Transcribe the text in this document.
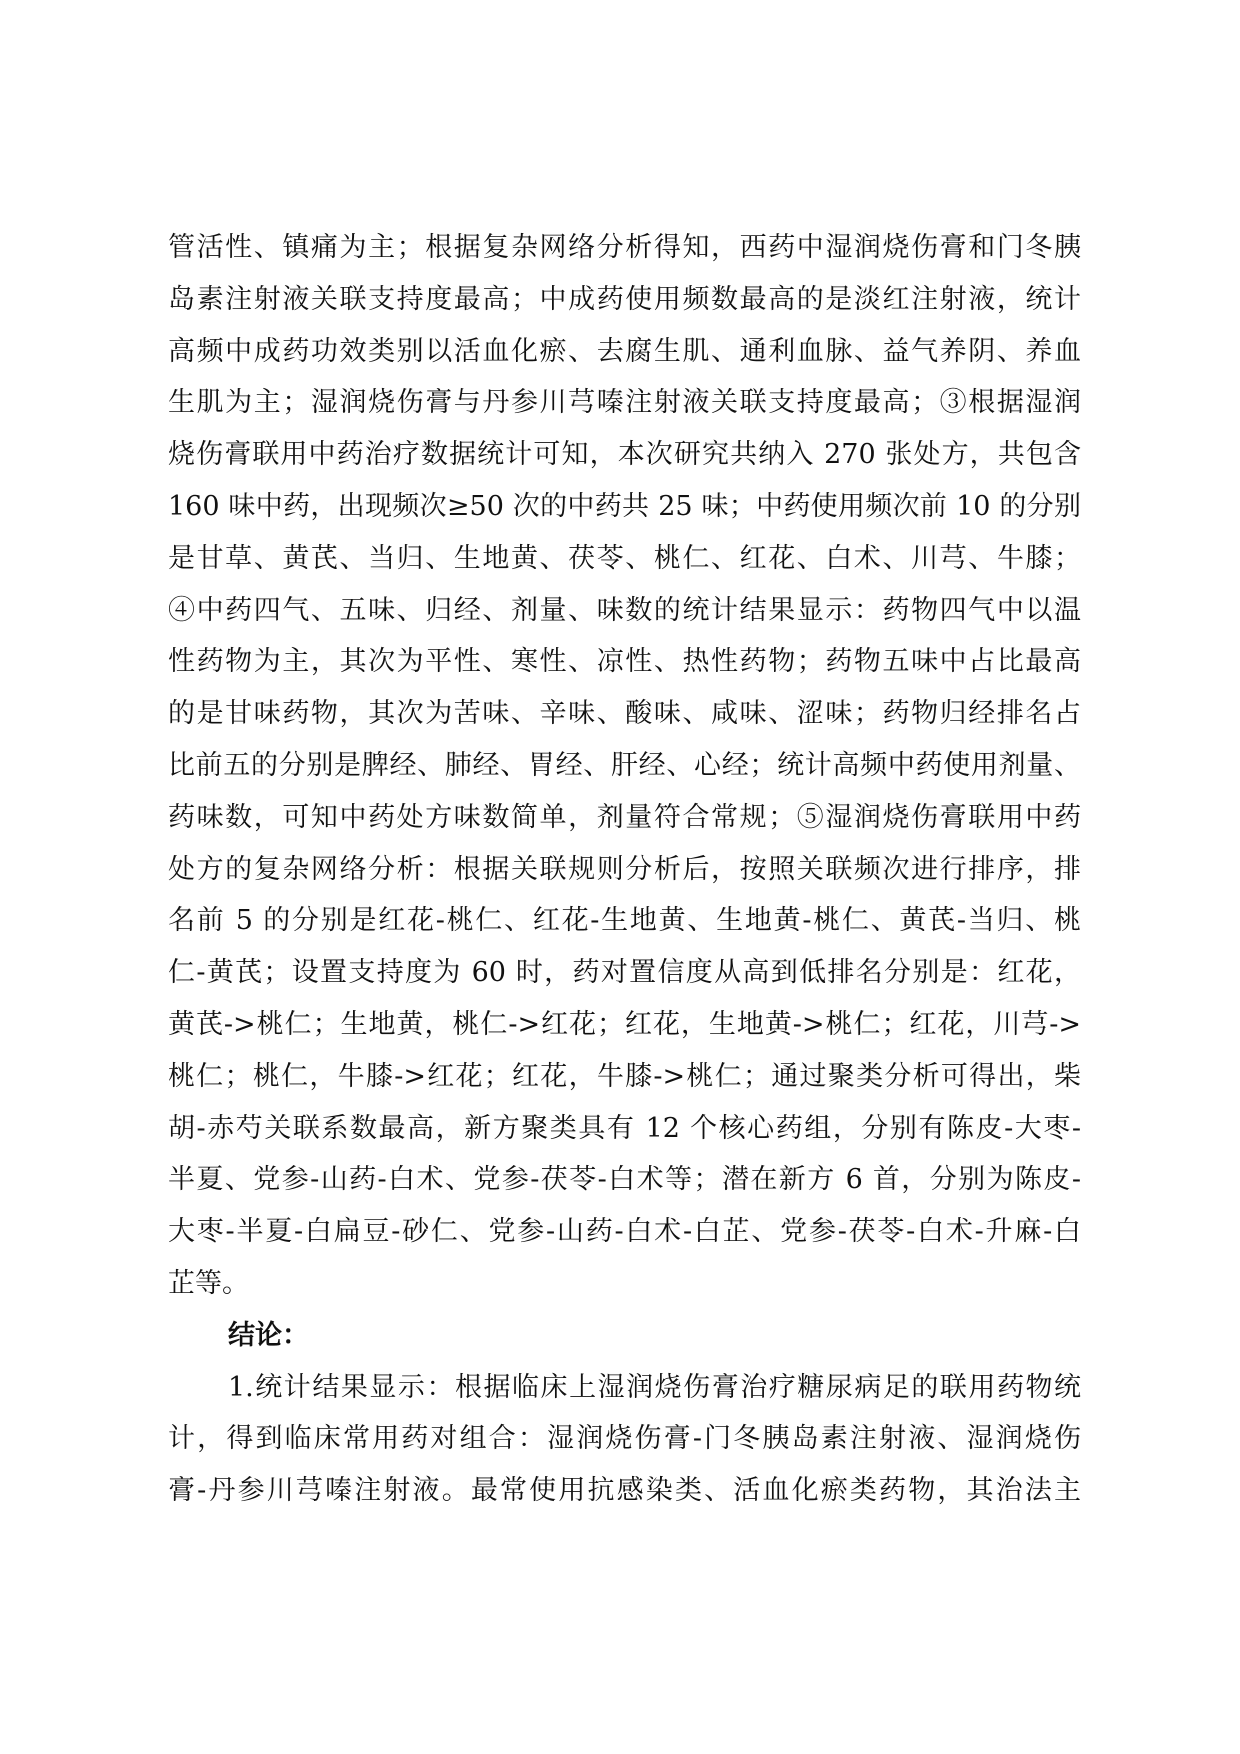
管活性、镇痛为主；根据复杂网络分析得知，西药中湿润烧伤膏和门冬胰
岛素注射液关联支持度最高；中成药使用频数最高的是淡红注射液，统计
高频中成药功效类别以活血化瘀、去腐生肌、通利血脉、益气养阴、养血
生肌为主；湿润烧伤膏与丹参川芎嗪注射液关联支持度最高；③根据湿润
烧伤膏联用中药治疗数据统计可知，本次研究共纳入 270 张处方，共包含
160 味中药，出现频次≥50 次的中药共 25 味；中药使用频次前 10 的分别
是甘草、黄芪、当归、生地黄、茯苓、桃仁、红花、白术、川芎、牛膝；
④中药四气、五味、归经、剂量、味数的统计结果显示：药物四气中以温
性药物为主，其次为平性、寒性、凉性、热性药物；药物五味中占比最高
的是甘味药物，其次为苦味、辛味、酸味、咸味、涩味；药物归经排名占
比前五的分别是脾经、肺经、胃经、肝经、心经；统计高频中药使用剂量、
药味数，可知中药处方味数简单，剂量符合常规；⑤湿润烧伤膏联用中药
处方的复杂网络分析：根据关联规则分析后，按照关联频次进行排序，排
名前 5 的分别是红花-桃仁、红花-生地黄、生地黄-桃仁、黄芪-当归、桃
仁-黄芪；设置支持度为 60 时，药对置信度从高到低排名分别是：红花，
黄芪->桃仁；生地黄，桃仁->红花；红花，生地黄->桃仁；红花，川芎->
桃仁；桃仁，牛膝->红花；红花，牛膝->桃仁；通过聚类分析可得出，柴
胡-赤芍关联系数最高，新方聚类具有 12 个核心药组，分别有陈皮-大枣-
半夏、党参-山药-白术、党参-茯苓-白术等；潜在新方 6 首，分别为陈皮-
大枣-半夏-白扁豆-砂仁、党参-山药-白术-白芷、党参-茯苓-白术-升麻-白
芷等。
结论：
1.统计结果显示：根据临床上湿润烧伤膏治疗糖尿病足的联用药物统
计，得到临床常用药对组合：湿润烧伤膏-门冬胰岛素注射液、湿润烧伤
膏-丹参川芎嗪注射液。最常使用抗感染类、活血化瘀类药物，其治法主
